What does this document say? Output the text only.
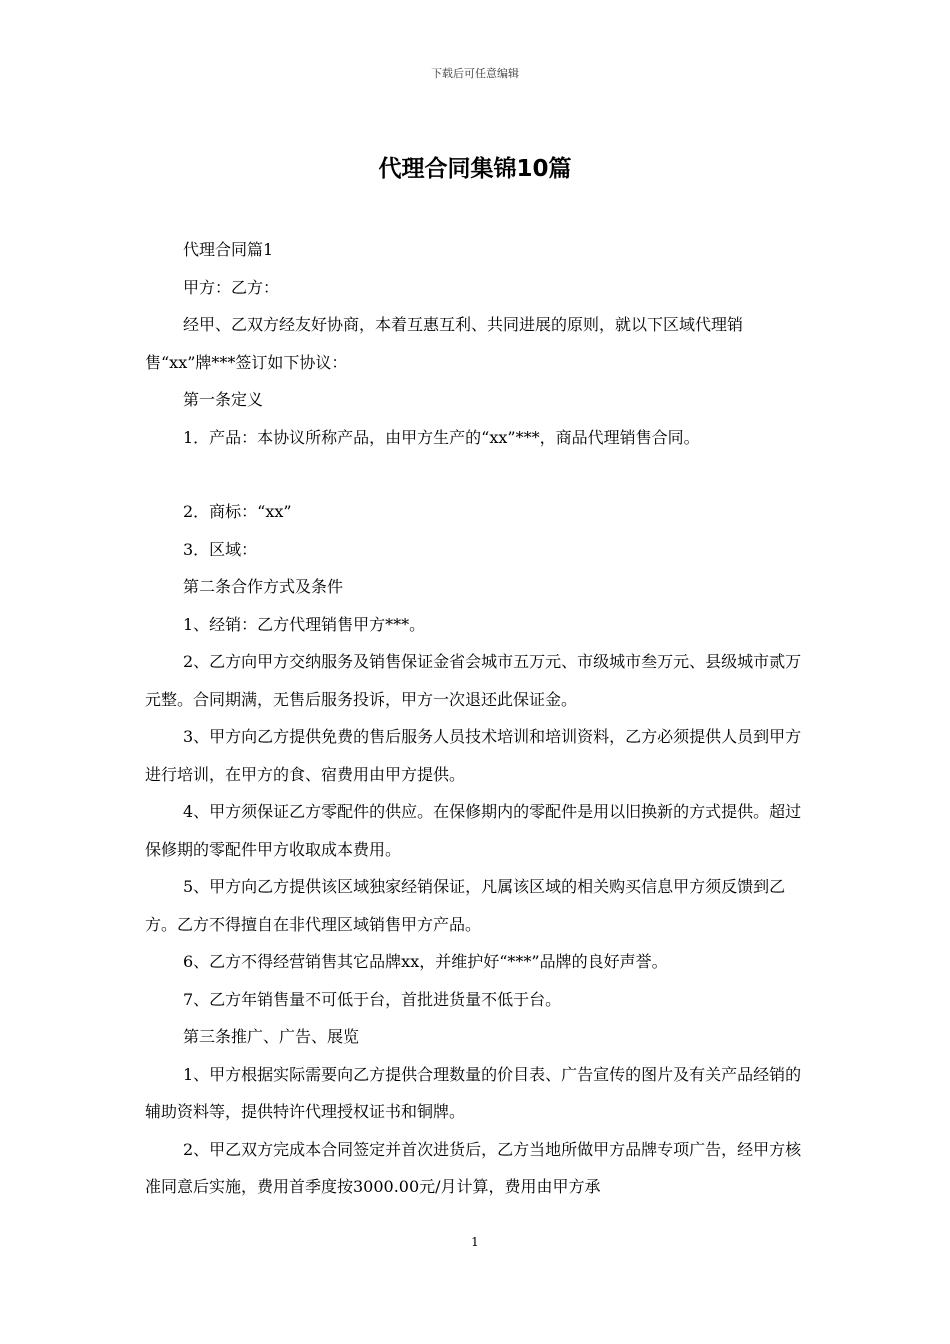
下载后可任意编辑
代理合同集锦10篇

代理合同篇1

甲方：乙方：

经甲、乙双方经友好协商，本着互惠互利、共同进展的原则，就以下区域代理销售“xx”牌***签订如下协议：

第一条定义

1．产品：本协议所称产品，由甲方生产的“xx”***，商品代理销售合同。

2．商标：“xx”

3．区域：

第二条合作方式及条件

1、经销：乙方代理销售甲方***。

2、乙方向甲方交纳服务及销售保证金省会城市五万元、市级城市叁万元、县级城市贰万元整。合同期满，无售后服务投诉，甲方一次退还此保证金。

3、甲方向乙方提供免费的售后服务人员技术培训和培训资料，乙方必须提供人员到甲方进行培训，在甲方的食、宿费用由甲方提供。

4、甲方须保证乙方零配件的供应。在保修期内的零配件是用以旧换新的方式提供。超过保修期的零配件甲方收取成本费用。

5、甲方向乙方提供该区域独家经销保证，凡属该区域的相关购买信息甲方须反馈到乙方。乙方不得擅自在非代理区域销售甲方产品。

6、乙方不得经营销售其它品牌xx，并维护好“***”品牌的良好声誉。

7、乙方年销售量不可低于台，首批进货量不低于台。

第三条推广、广告、展览

1、甲方根据实际需要向乙方提供合理数量的价目表、广告宣传的图片及有关产品经销的辅助资料等，提供特许代理授权证书和铜牌。

2、甲乙双方完成本合同签定并首次进货后，乙方当地所做甲方品牌专项广告，经甲方核准同意后实施，费用首季度按3000.00元/月计算，费用由甲方承

1
